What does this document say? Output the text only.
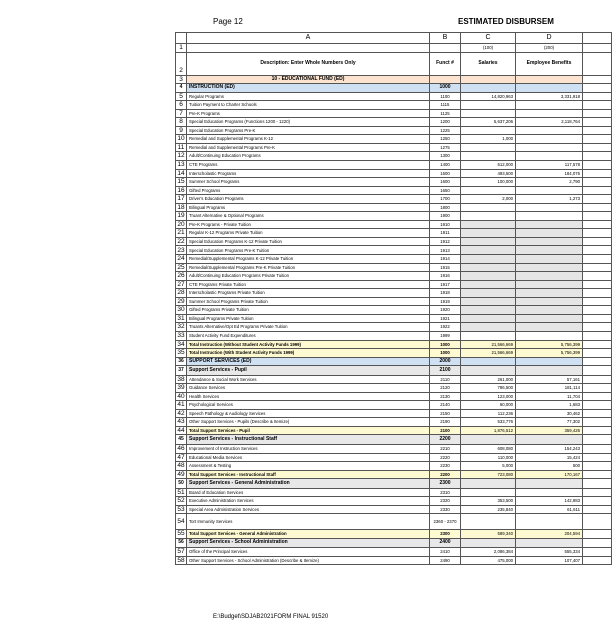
Page 12	ESTIMATED DISBURSEM
	A	B	C	D	
1			(100)	(200)	
2	Description: Enter Whole Numbers Only	Funct #	Salaries	Employee Benefits	
3	10 - EDUCATIONAL FUND (ED)				
4	INSTRUCTION (ED)	1000			
5	Regular Programs	1100	14,820,963	3,331,918	
6	Tuition Payment to Charter Schools	1115			
7	Pre-K Programs	1125			
8	Special Education Programs (Functions 1200 - 1220)	1200	5,637,206	2,118,764	
9	Special Education Programs Pre-K	1225			
10	Remedial and Supplemental Programs K-12	1250	1,000		
11	Remedial and Supplemental Programs Pre-K	1275			
12	Adult/Continuing Education Programs	1300			
13	CTE Programs	1400	512,000	117,578	
14	Interscholastic Programs	1500	493,500	184,076	
15	Summer School Programs	1600	100,000	2,790	
16	Gifted Programs	1650			
17	Driver's Education Programs	1700	2,000	1,273	
18	Bilingual Programs	1800			
19	Truant Alternative & Optional Programs	1900			
20	Pre-K Programs - Private Tuition	1910			
21	Regular K-12 Programs Private Tuition	1911			
22	Special Education Programs K-12 Private Tuition	1912			
23	Special Education Programs Pre-K Tuition	1913			
24	Remedial/Supplemental Programs K-12 Private Tuition	1914			
25	Remedial/Supplemental Programs Pre-K Private Tuition	1915			
26	Adult/Continuing Education Programs Private Tuition	1916			
27	CTE Programs Private Tuition	1917			
28	Interscholastic Programs Private Tuition	1918			
29	Summer School Programs Private Tuition	1919			
30	Gifted Programs Private Tuition	1920			
31	Bilingual Programs Private Tuition	1921			
32	Truants Alternative/Opt Ed Programs Private Tuition	1922			
33	Student Activity Fund Expenditures	1999			
34	Total Instruction (Without Student Activity Funds 1999)	1000	21,566,669	5,756,399	
35	Total Instruction (With Student Activity Funds 1999)	1000	21,566,669	5,756,399	
36	SUPPORT SERVICES (ED)	2000			
37	Support Services - Pupil	2100			
38	Attendance & Social Work Services	2110	261,000	57,161	
39	Guidance Services	2120	786,500	181,114	
40	Health Services	2130	123,000	11,704	
41	Psychological Services	2140	60,000	1,683	
42	Speech Pathology & Audiology Services	2150	112,236	30,462	
43	Other Support Services - Pupils (Describe & Itemize)	2190	533,776	77,302	
44	Total Support Services - Pupil	2100	1,876,512	359,426	
45	Support Services - Instructional Staff	2200			
46	Improvement of Instruction Services	2210	608,080	154,243	
47	Educational Media Services	2220	110,000	15,424	
48	Assessment & Testing	2230	5,000	500	
49	Total Support Services - Instructional Staff	2200	723,080	170,167	
50	Support Services - General Administration	2300			
51	Board of Education Services	2310			
52	Executive Administration Services	2320	353,500	142,983	
53	Special Area Administration Services	2330	235,840	61,611	
54	Tort Immunity Services	2360 - 2370			
55	Total Support Services - General Administration	2300	589,340	204,594	
56	Support Services - School Administration	2400			
57	Office of the Principal Services	2410	2,086,384	555,334	
58	Other Support Services - School Administration (Describe & Itemize)	2490	475,000	107,407	
E:\Budget\SDJAB2021FORM FINAL 91520
